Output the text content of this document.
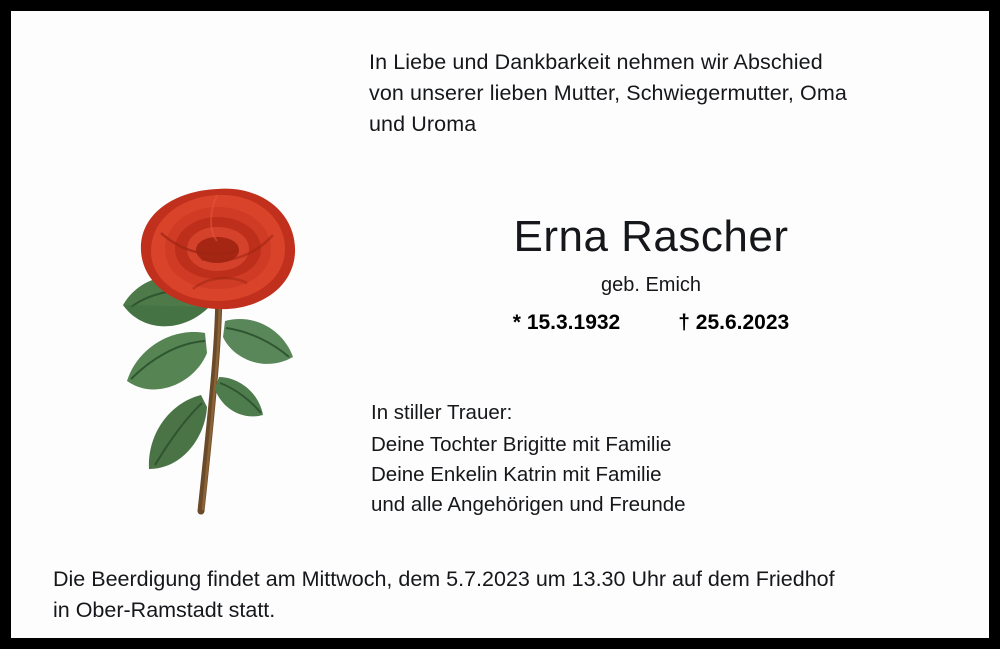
In Liebe und Dankbarkeit nehmen wir Abschied
von unserer lieben Mutter, Schwiegermutter, Oma
und Uroma
Erna Rascher
geb. Emich
* 15.3.1932	† 25.6.2023
In stiller Trauer:
Deine Tochter Brigitte mit Familie
Deine Enkelin Katrin mit Familie
und alle Angehörigen und Freunde
Die Beerdigung findet am Mittwoch, dem 5.7.2023 um 13.30 Uhr auf dem Friedhof
in Ober-Ramstadt statt.
